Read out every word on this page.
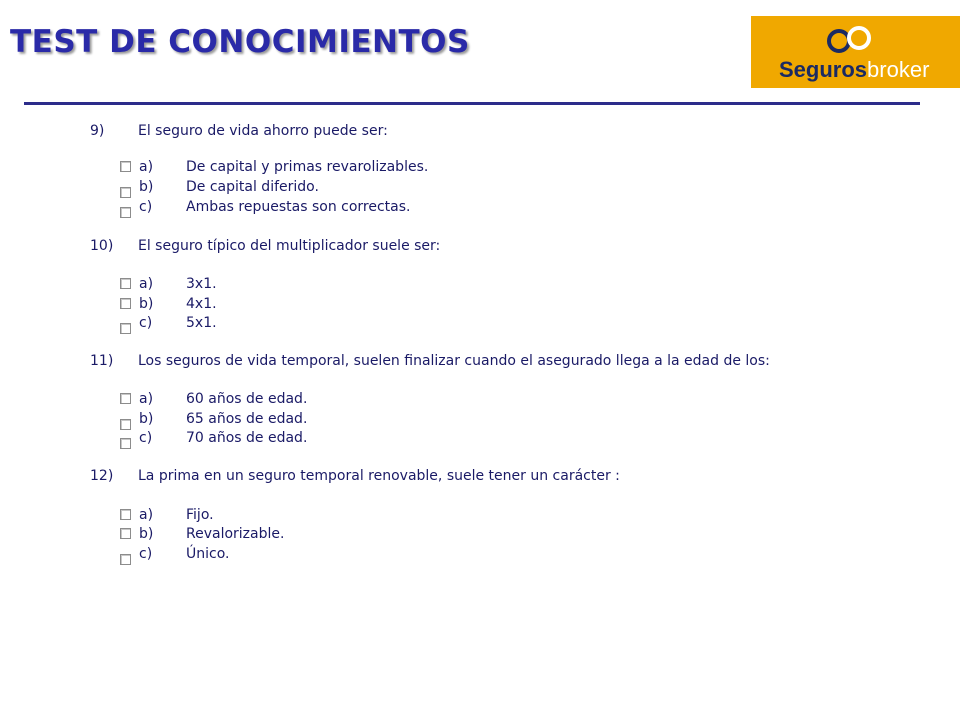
TEST DE CONOCIMIENTOS
Segurosbroker
9) El seguro de vida ahorro puede ser:
a) De capital y primas revarolizables.
b) De capital diferido.
c) Ambas repuestas son correctas.
10) El seguro típico del multiplicador suele ser:
a) 3x1.
b) 4x1.
c) 5x1.
11) Los seguros de vida temporal, suelen finalizar cuando el asegurado llega a la edad de los:
a) 60 años de edad.
b) 65 años de edad.
c) 70 años de edad.
12) La prima en un seguro temporal renovable, suele tener un carácter :
a) Fijo.
b) Revalorizable.
c) Único.
